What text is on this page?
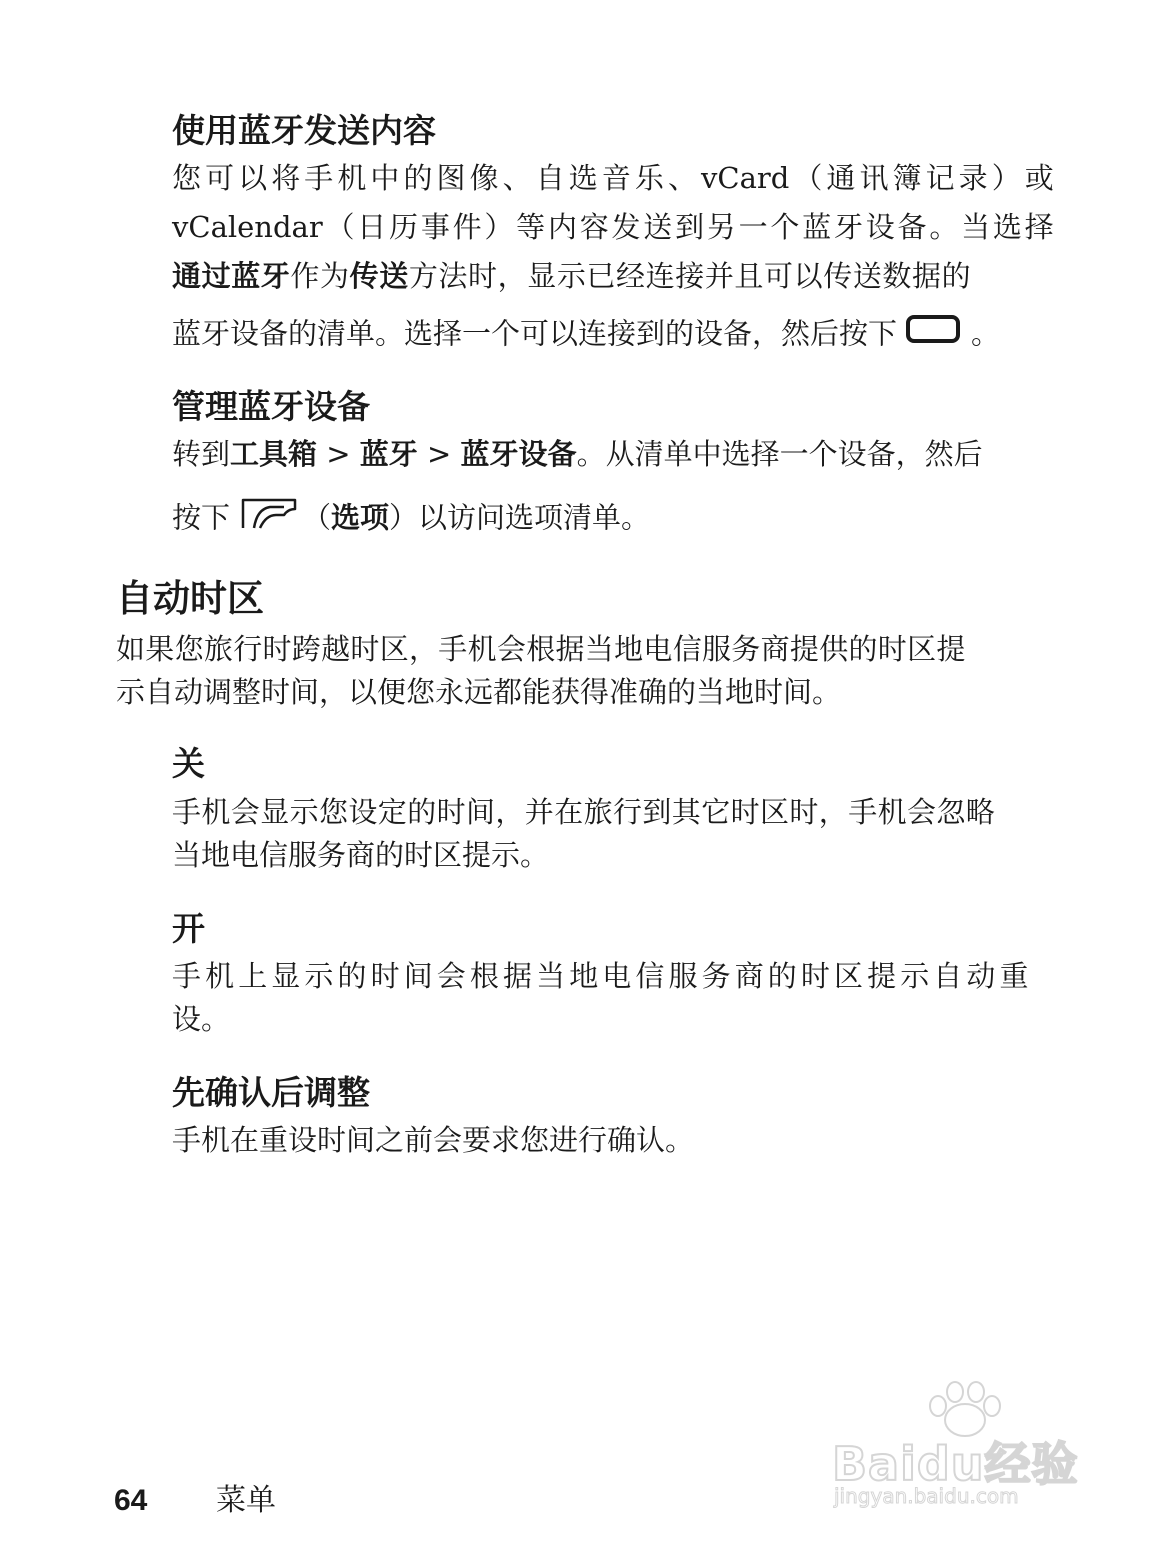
使用蓝牙发送内容

您 可 以 将 手 机 中 的 图 像 、 自 选 音 乐 、 vCard （ 通 讯 簿 记 录 ） 或

vCalendar （ 日 历 事 件 ） 等 内 容 发 送 到 另 一 个 蓝 牙 设 备 。 当 选 择

通过蓝牙作为传送方法时，显示已经连接并且可以传送数据的

蓝牙设备的清单。选择一个可以连接到的设备，然后按下	。

管理蓝牙设备

转到工具箱 > 蓝牙 > 蓝牙设备。从清单中选择一个设备，然后

按下 （选项）以访问选项清单。

自动时区

如果您旅行时跨越时区，手机会根据当地电信服务商提供的时区提

示自动调整时间，以便您永远都能获得准确的当地时间。

关

手机会显示您设定的时间，并在旅行到其它时区时，手机会忽略

当地电信服务商的时区提示。

开

手机上显示的时间会根据当地电信服务商的时区提示自动重

设。

先确认后调整

手机在重设时间之前会要求您进行确认。

Baidu经验
jingyan.baidu.com
64 菜单
